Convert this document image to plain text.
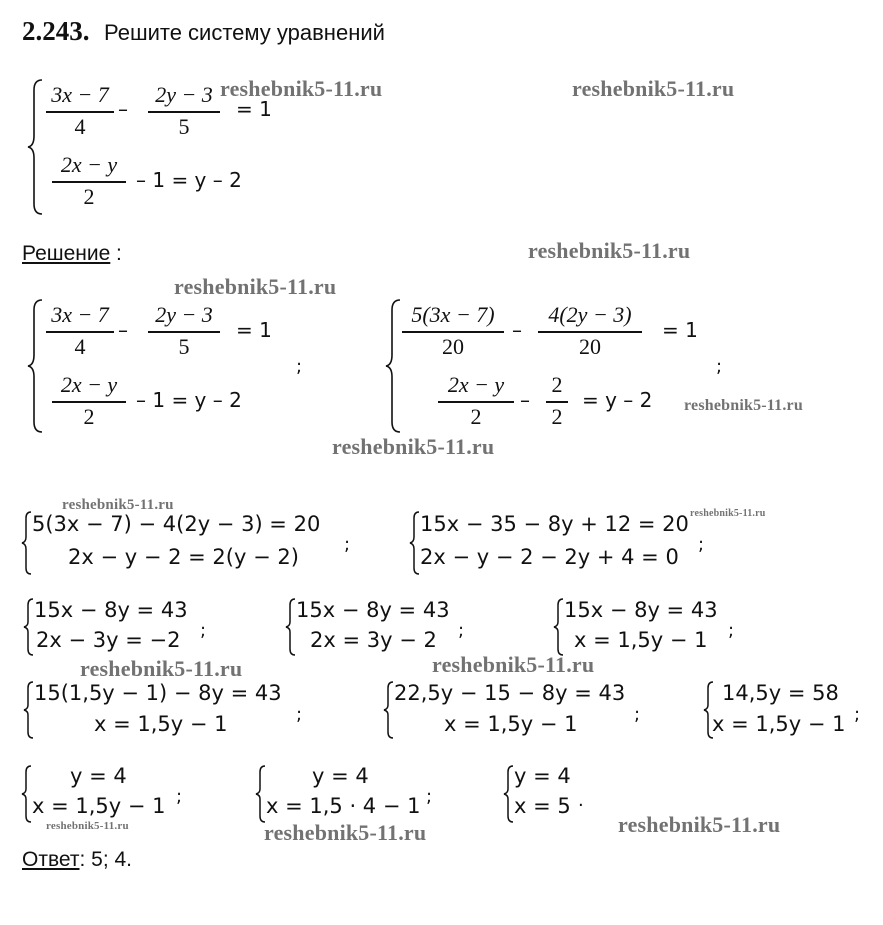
2.243. Решите систему уравнений
3x − 7
4
–
2y − 3
5
= 1
2x − y
2
– 1 = y – 2
Решение :
3x − 7
4
–
2y − 3
5
= 1
2x − y
2
– 1 = y – 2
;
5(3x − 7)
20
–
4(2y − 3)
20
= 1
2x − y
2
–
2
2
= y – 2
;
5(3x − 7) − 4(2y − 3) = 20
2x − y − 2 = 2(y − 2)
;
15x − 35 − 8y + 12 = 20
2x − y − 2 − 2y + 4 = 0
;
15x − 8y = 43
2x − 3y = −2 ;
15x − 8y = 43
2x = 3y − 2 ;
15x − 8y = 43
x = 1,5y − 1 ;
15(1,5y − 1) − 8y = 43
x = 1,5y − 1	;
22,5y − 15 − 8y = 43
x = 1,5y − 1	;
14,5y = 58
x = 1,5y − 1 ;
y = 4
x = 1,5y − 1 ;
y = 4
x = 1,5 · 4 − 1 ;
y = 4
x = 5 .
Ответ: 5; 4.
reshebnik5-11.ru	reshebnik5-11.ru
reshebnik5-11.ru
reshebnik5-11.ru
reshebnik5-11.ru
reshebnik5-11.ru
reshebnik5-11.ru
reshebnik5-11.ru
reshebnik5-11.ru	reshebnik5-11.ru
reshebnik5-11.ru	reshebnik5-11.ru	reshebnik5-11.ru
